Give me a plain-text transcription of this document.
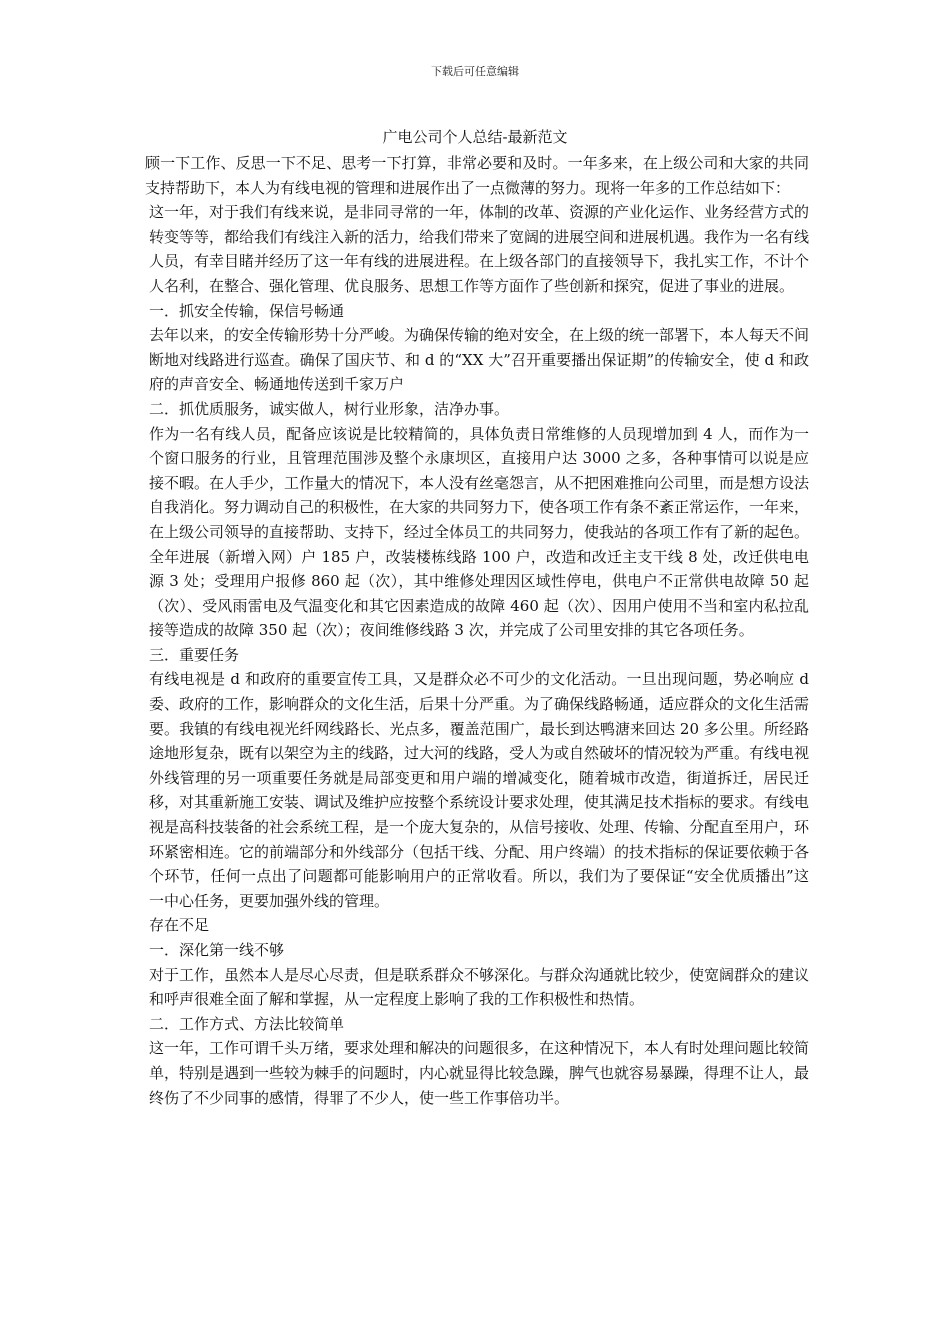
下载后可任意编辑
广电公司个人总结-最新范文

顾一下工作、反思一下不足、思考一下打算，非常必要和及时。一年多来，在上级公司和大家的共同支持帮助下，本人为有线电视的管理和进展作出了一点微薄的努力。现将一年多的工作总结如下：

这一年，对于我们有线来说，是非同寻常的一年，体制的改革、资源的产业化运作、业务经营方式的转变等等，都给我们有线注入新的活力，给我们带来了宽阔的进展空间和进展机遇。我作为一名有线人员，有幸目睹并经历了这一年有线的进展进程。在上级各部门的直接领导下，我扎实工作，不计个人名利，在整合、强化管理、优良服务、思想工作等方面作了些创新和探究，促进了事业的进展。

一．抓安全传输，保信号畅通

去年以来，的安全传输形势十分严峻。为确保传输的绝对安全，在上级的统一部署下，本人每天不间断地对线路进行巡查。确保了国庆节、和 d 的“XX 大”召开重要播出保证期”的传输安全，使 d 和政府的声音安全、畅通地传送到千家万户

二．抓优质服务，诚实做人，树行业形象，洁净办事。

作为一名有线人员，配备应该说是比较精简的，具体负责日常维修的人员现增加到 4 人，而作为一个窗口服务的行业，且管理范围涉及整个永康坝区，直接用户达 3000 之多，各种事情可以说是应接不暇。在人手少，工作量大的情况下，本人没有丝毫怨言，从不把困难推向公司里，而是想方设法自我消化。努力调动自己的积极性，在大家的共同努力下，使各项工作有条不紊正常运作，一年来，在上级公司领导的直接帮助、支持下，经过全体员工的共同努力，使我站的各项工作有了新的起色。全年进展（新增入网）户 185 户，改装楼栋线路 100 户，改造和改迁主支干线 8 处，改迁供电电源 3 处；受理用户报修 860 起（次），其中维修处理因区域性停电，供电户不正常供电故障 50 起（次）、受风雨雷电及气温变化和其它因素造成的故障 460 起（次）、因用户使用不当和室内私拉乱接等造成的故障 350 起（次）；夜间维修线路 3 次，并完成了公司里安排的其它各项任务。

三．重要任务

有线电视是 d 和政府的重要宣传工具，又是群众必不可少的文化活动。一旦出现问题，势必响应 d 委、政府的工作，影响群众的文化生活，后果十分严重。为了确保线路畅通，适应群众的文化生活需要。我镇的有线电视光纤网线路长、光点多，覆盖范围广，最长到达鸭溏来回达 20 多公里。所经路途地形复杂，既有以架空为主的线路，过大河的线路，受人为或自然破坏的情况较为严重。有线电视外线管理的另一项重要任务就是局部变更和用户端的增减变化，随着城市改造，街道拆迁，居民迁移，对其重新施工安装、调试及维护应按整个系统设计要求处理，使其满足技术指标的要求。有线电视是高科技装备的社会系统工程，是一个庞大复杂的，从信号接收、处理、传输、分配直至用户，环环紧密相连。它的前端部分和外线部分（包括干线、分配、用户终端）的技术指标的保证要依赖于各个环节，任何一点出了问题都可能影响用户的正常收看。所以，我们为了要保证“安全优质播出”这一中心任务，更要加强外线的管理。

存在不足

一．深化第一线不够

对于工作，虽然本人是尽心尽责，但是联系群众不够深化。与群众沟通就比较少，使宽阔群众的建议和呼声很难全面了解和掌握，从一定程度上影响了我的工作积极性和热情。

二．工作方式、方法比较简单

这一年，工作可谓千头万绪，要求处理和解决的问题很多，在这种情况下，本人有时处理问题比较简单，特别是遇到一些较为棘手的问题时，内心就显得比较急躁，脾气也就容易暴躁，得理不让人，最终伤了不少同事的感情，得罪了不少人，使一些工作事倍功半。
